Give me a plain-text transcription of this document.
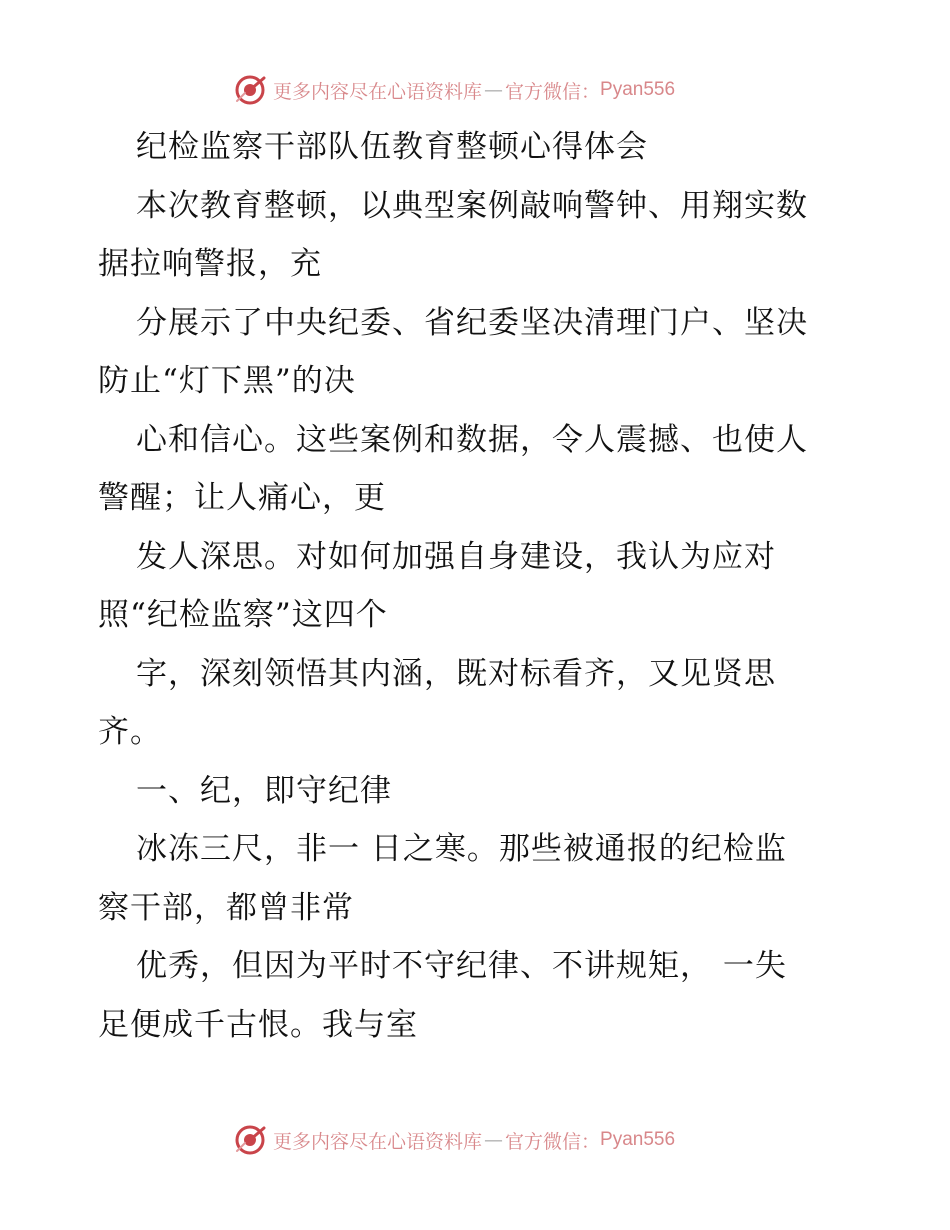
更多内容尽在心语资料库 — 官方微信： Pyan556
纪检监察干部队伍教育整顿心得体会
本次教育整顿，以典型案例敲响警钟、用翔实数
据拉响警报，充
分展示了中央纪委、省纪委坚决清理门户、坚决
防止“灯下黑”的决
心和信心。这些案例和数据，令人震撼、也使人
警醒；让人痛心，更
发人深思。对如何加强自身建设，我认为应对
照“纪检监察”这四个
字，深刻领悟其内涵，既对标看齐，又见贤思
齐。
一、纪，即守纪律
冰冻三尺，非一 日之寒。那些被通报的纪检监
察干部，都曾非常
优秀，但因为平时不守纪律、不讲规矩， 一失
足便成千古恨。我与室
更多内容尽在心语资料库 — 官方微信： Pyan556
